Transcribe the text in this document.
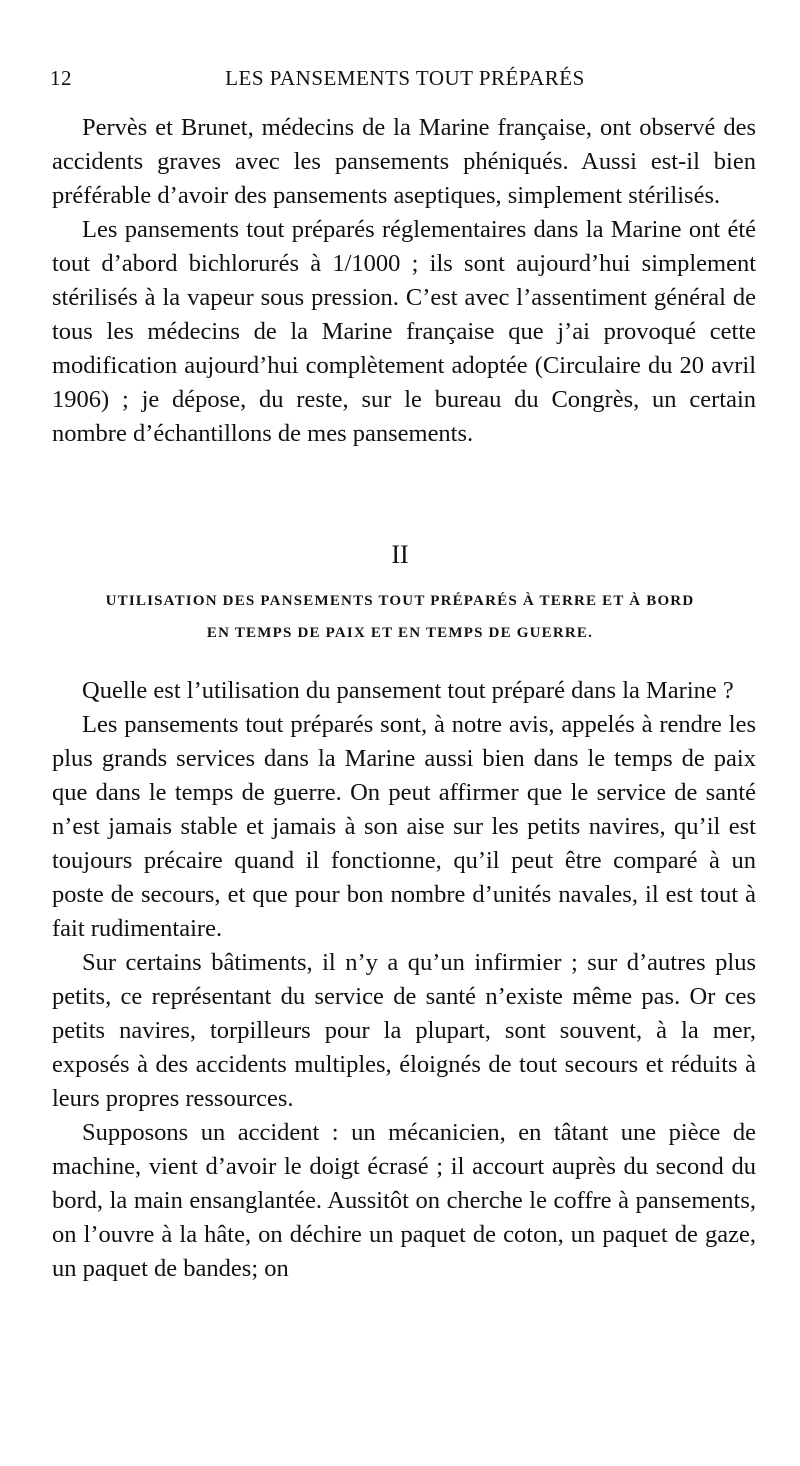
12	LES PANSEMENTS TOUT PRÉPARÉS

Pervès et Brunet, médecins de la Marine française, ont observé des accidents graves avec les pansements phéniqués. Aussi est-il bien préférable d’avoir des pansements aseptiques, simplement stérilisés.

Les pansements tout préparés réglementaires dans la Marine ont été tout d’abord bichlorurés à 1/1000 ; ils sont aujourd’hui simplement stérilisés à la vapeur sous pression. C’est avec l’assentiment général de tous les médecins de la Marine française que j’ai provoqué cette modification aujourd’hui complètement adoptée (Circulaire du 20 avril 1906) ; je dépose, du reste, sur le bureau du Congrès, un certain nombre d’échantillons de mes pansements.

II
UTILISATION DES PANSEMENTS TOUT PRÉPARÉS À TERRE ET À BORD
EN TEMPS DE PAIX ET EN TEMPS DE GUERRE.

Quelle est l’utilisation du pansement tout préparé dans la Marine ?

Les pansements tout préparés sont, à notre avis, appelés à rendre les plus grands services dans la Marine aussi bien dans le temps de paix que dans le temps de guerre. On peut affirmer que le service de santé n’est jamais stable et jamais à son aise sur les petits navires, qu’il est toujours précaire quand il fonctionne, qu’il peut être comparé à un poste de secours, et que pour bon nombre d’unités navales, il est tout à fait rudimentaire.

Sur certains bâtiments, il n’y a qu’un infirmier ; sur d’autres plus petits, ce représentant du service de santé n’existe même pas. Or ces petits navires, torpilleurs pour la plupart, sont souvent, à la mer, exposés à des accidents multiples, éloignés de tout secours et réduits à leurs propres ressources.

Supposons un accident : un mécanicien, en tâtant une pièce de machine, vient d’avoir le doigt écrasé ; il accourt auprès du second du bord, la main ensanglantée. Aussitôt on cherche le coffre à pansements, on l’ouvre à la hâte, on déchire un paquet de coton, un paquet de gaze, un paquet de bandes; on
